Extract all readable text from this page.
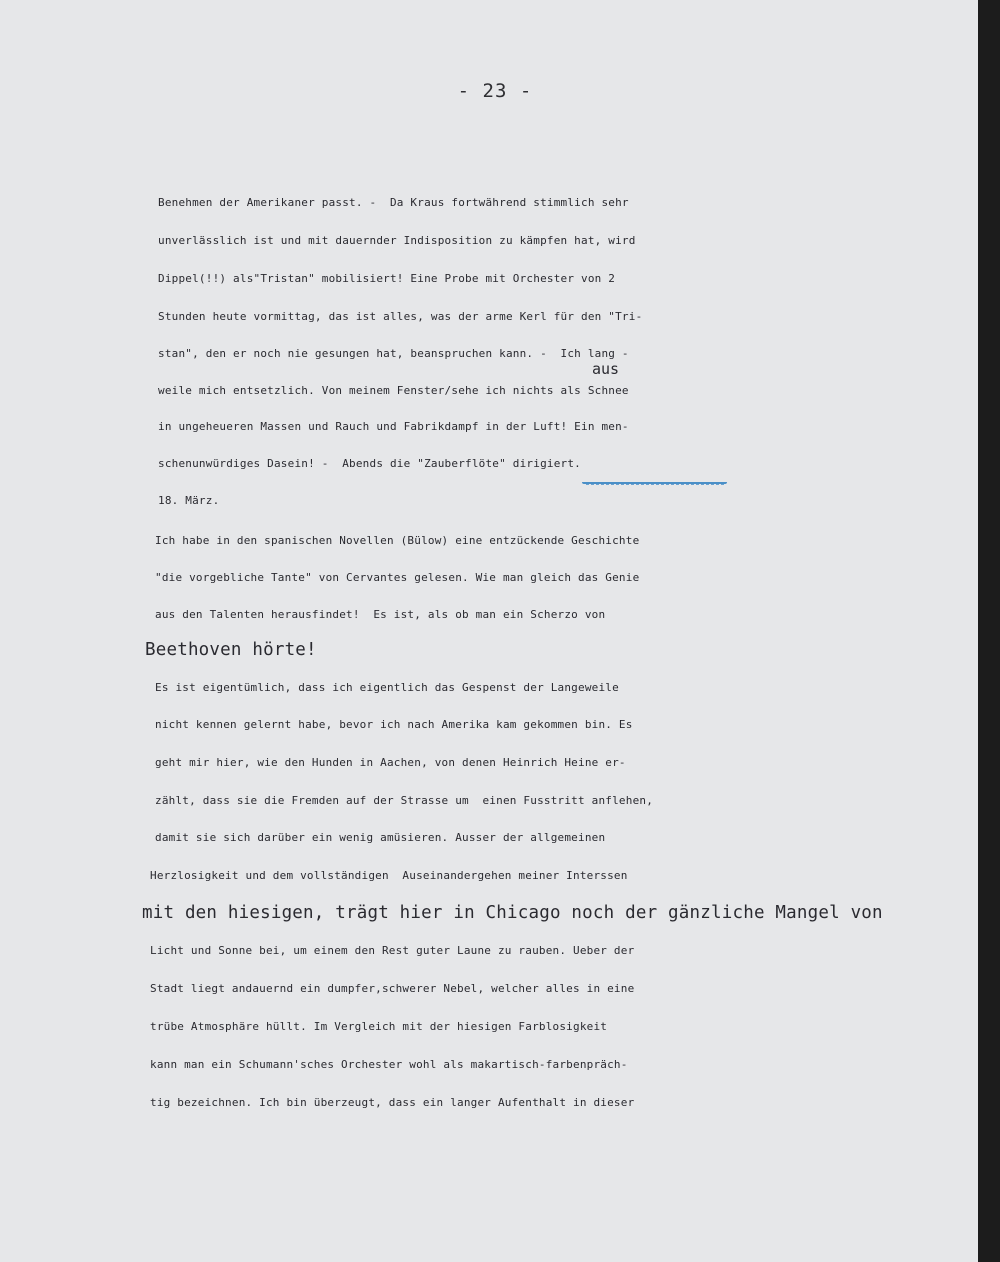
- 23 -
aus
Benehmen der Amerikaner passt. -  Da Kraus fortwährend stimmlich sehr
unverlässlich ist und mit dauernder Indisposition zu kämpfen hat, wird
Dippel(!!) als"Tristan" mobilisiert! Eine Probe mit Orchester von 2
Stunden heute vormittag, das ist alles, was der arme Kerl für den "Tri-
stan", den er noch nie gesungen hat, beanspruchen kann. -  Ich lang -
weile mich entsetzlich. Von meinem Fenster/sehe ich nichts als Schnee
in ungeheueren Massen und Rauch und Fabrikdampf in der Luft! Ein men-
schenunwürdiges Dasein! -  Abends die "Zauberflöte" dirigiert.
18. März.
Ich habe in den spanischen Novellen (Bülow) eine entzückende Geschichte
"die vorgebliche Tante" von Cervantes gelesen. Wie man gleich das Genie
aus den Talenten herausfindet!  Es ist, als ob man ein Scherzo von
Beethoven hörte!
Es ist eigentümlich, dass ich eigentlich das Gespenst der Langeweile
nicht kennen gelernt habe, bevor ich nach Amerika kam gekommen bin. Es
geht mir hier, wie den Hunden in Aachen, von denen Heinrich Heine er-
zählt, dass sie die Fremden auf der Strasse um  einen Fusstritt anflehen,
damit sie sich darüber ein wenig amüsieren. Ausser der allgemeinen
Herzlosigkeit und dem vollständigen  Auseinandergehen meiner Interssen
mit den hiesigen, trägt hier in Chicago noch der gänzliche Mangel von
Licht und Sonne bei, um einem den Rest guter Laune zu rauben. Ueber der
Stadt liegt andauernd ein dumpfer,schwerer Nebel, welcher alles in eine
trübe Atmosphäre hüllt. Im Vergleich mit der hiesigen Farblosigkeit
kann man ein Schumann'sches Orchester wohl als makartisch-farbenpräch-
tig bezeichnen. Ich bin überzeugt, dass ein langer Aufenthalt in dieser
